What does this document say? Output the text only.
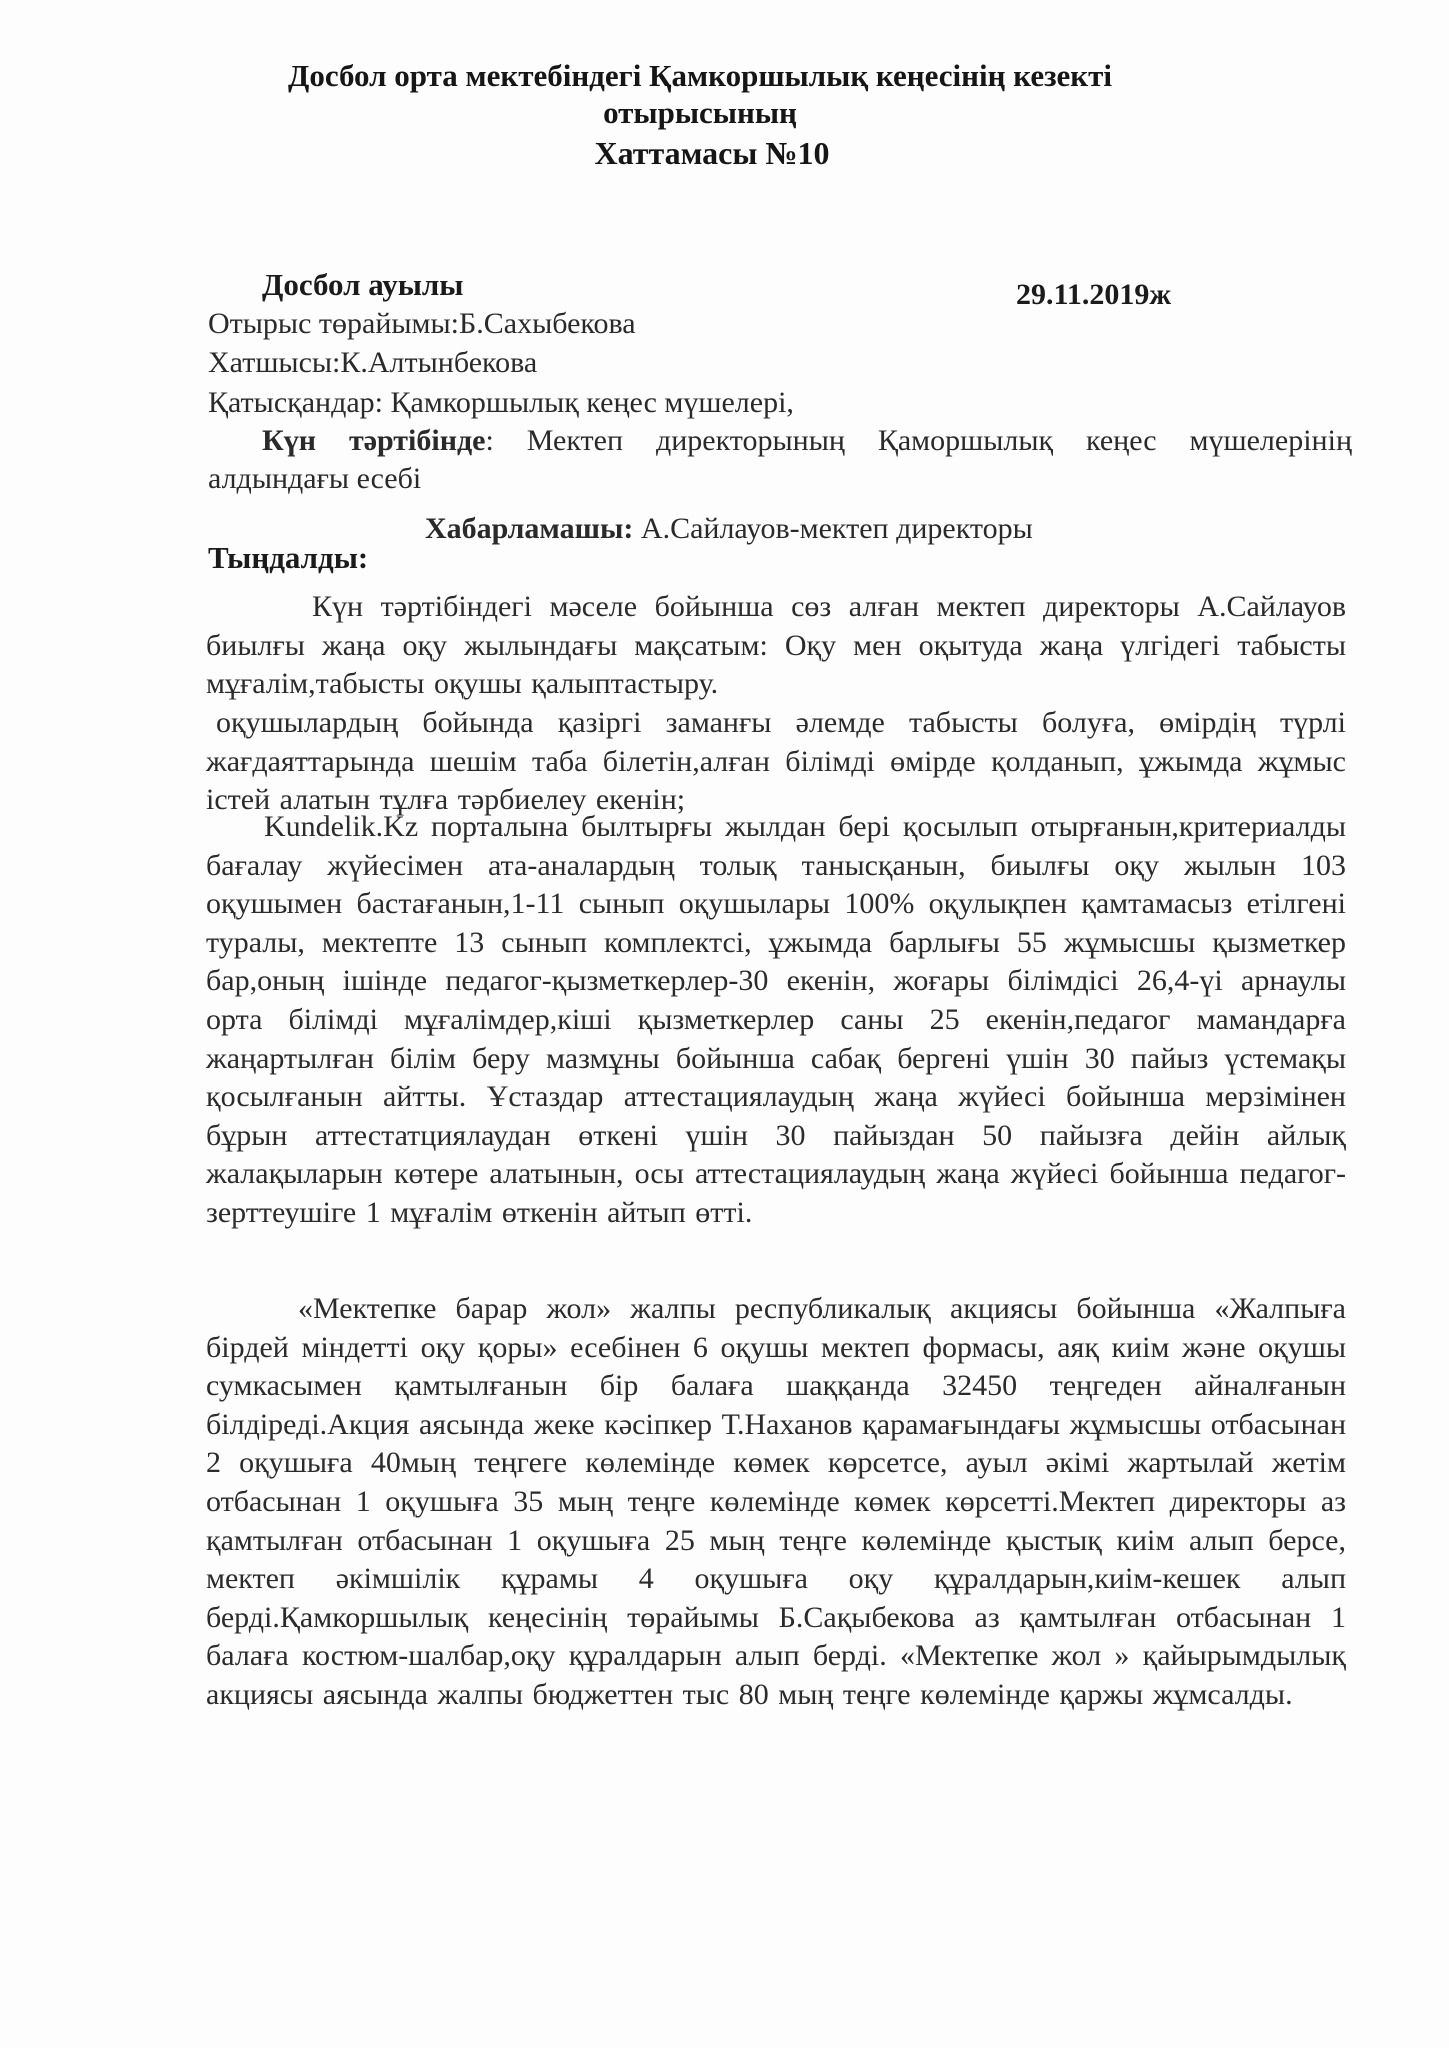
Досбол орта мектебіндегі Қамкоршылық кеңесінің кезекті
отырысының
Хаттамасы №10
Досбол ауылы	29.11.2019ж
Отырыс төрайымы:Б.Сахыбекова
Хатшысы:К.Алтынбекова
Қатысқандар: Қамкоршылық кеңес мүшелері,
Күн тәртібінде: Мектеп директорының Қаморшылық кеңес мүшелерінің
алдындағы есебі
Хабарламашы: А.Сайлауов-мектеп директоры
Тыңдалды:
Күн тәртібіндегі мәселе бойынша сөз алған мектеп директоры А.Сайлауов биылғы жаңа оқу жылындағы мақсатым: Оқу мен оқытуда жаңа үлгідегі табысты мұғалім,табысты оқушы қалыптастыру.
оқушылардың бойында қазіргі заманғы әлемде табысты болуға, өмірдің түрлі жағдаяттарында шешім таба білетін,алған білімді өмірде қолданып, ұжымда жұмыс істей алатын тұлға тәрбиелеу екенін;
Kundelik.Kz порталына былтырғы жылдан бері қосылып отырғанын,критериалды бағалау жүйесімен ата-аналардың толық танысқанын, биылғы оқу жылын 103 оқушымен бастағанын,1-11 сынып оқушылары 100% оқулықпен қамтамасыз етілгені туралы, мектепте 13 сынып комплектсі, ұжымда барлығы 55 жұмысшы қызметкер бар,оның ішінде педагог-қызметкерлер-30 екенін, жоғары білімдісі 26,4-үі арнаулы орта білімді мұғалімдер,кіші қызметкерлер саны 25 екенін,педагог мамандарға жаңартылған білім беру мазмұны бойынша сабақ бергені үшін 30 пайыз үстемақы қосылғанын айтты. Ұстаздар аттестациялаудың жаңа жүйесі бойынша мерзімінен бұрын аттестатциялаудан өткені үшін 30 пайыздан 50 пайызға дейін айлық жалақыларын көтере алатынын, осы аттестациялаудың жаңа жүйесі бойынша педагог-зерттеушіге 1 мұғалім өткенін айтып өтті.
«Мектепке барар жол» жалпы республикалық акциясы бойынша «Жалпыға бірдей міндетті оқу қоры» есебінен 6 оқушы мектеп формасы, аяқ киім және оқушы сумкасымен қамтылғанын бір балаға шаққанда 32450 теңгеден айналғанын білдіреді.Акция аясында жеке кәсіпкер Т.Наханов қарамағындағы жұмысшы отбасынан 2 оқушыға 40мың теңгеге көлемінде көмек көрсетсе, ауыл әкімі жартылай жетім отбасынан 1 оқушыға 35 мың теңге көлемінде көмек көрсетті.Мектеп директоры аз қамтылған отбасынан 1 оқушыға 25 мың теңге көлемінде қыстық киім алып берсе, мектеп әкімшілік құрамы 4 оқушыға оқу құралдарын,киім-кешек алып берді.Қамкоршылық кеңесінің төрайымы Б.Сақыбекова аз қамтылған отбасынан 1 балаға костюм-шалбар,оқу құралдарын алып берді. «Мектепке жол » қайырымдылық акциясы аясында жалпы бюджеттен тыс 80 мың теңге көлемінде қаржы жұмсалды.
